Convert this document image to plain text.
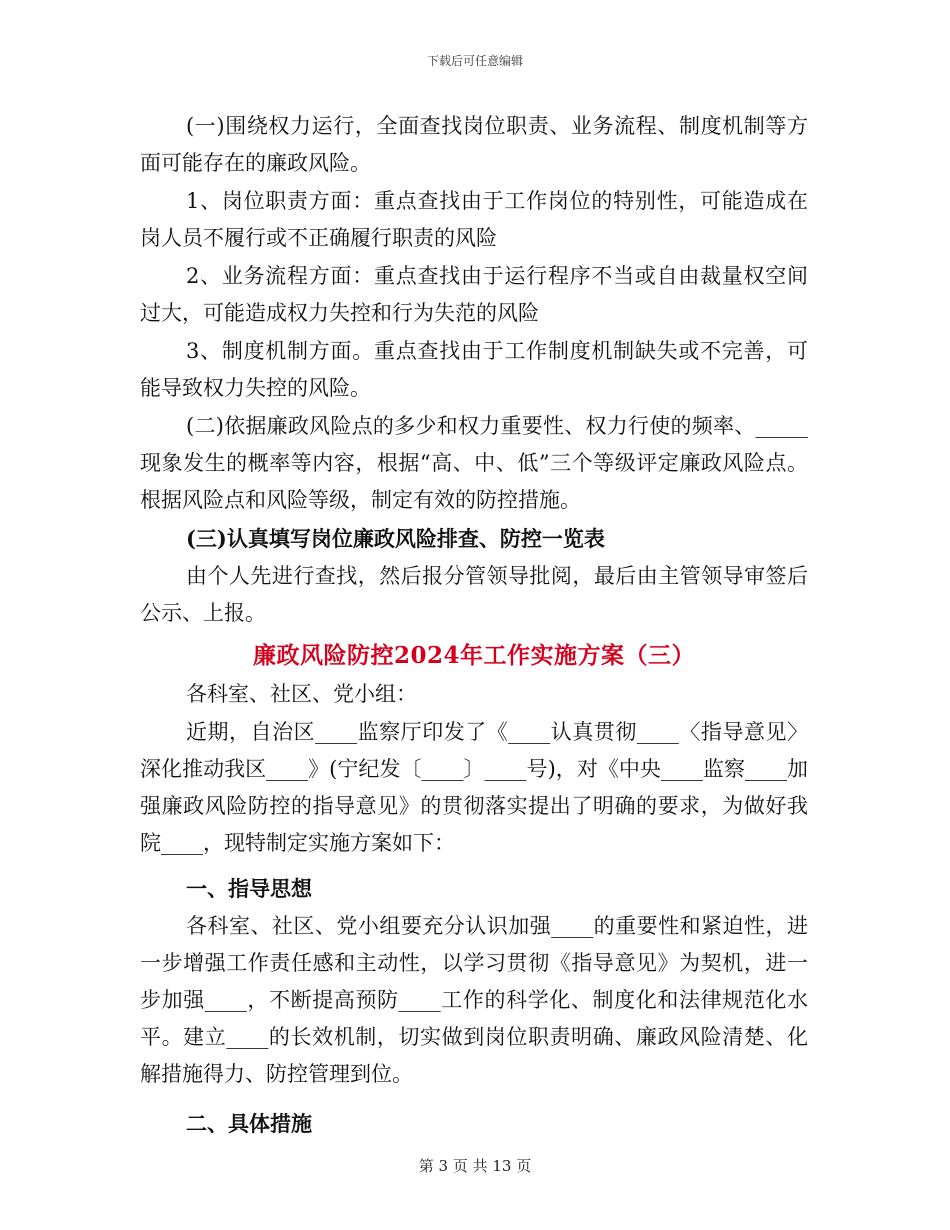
下载后可任意编辑

(一)围绕权力运行，全面查找岗位职责、业务流程、制度机制等方面可能存在的廉政风险。

1、岗位职责方面：重点查找由于工作岗位的特别性，可能造成在岗人员不履行或不正确履行职责的风险

2、业务流程方面：重点查找由于运行程序不当或自由裁量权空间过大，可能造成权力失控和行为失范的风险

3、制度机制方面。重点查找由于工作制度机制缺失或不完善，可能导致权力失控的风险。

(二)依据廉政风险点的多少和权力重要性、权力行使的频率、_____现象发生的概率等内容，根据“高、中、低”三个等级评定廉政风险点。根据风险点和风险等级，制定有效的防控措施。

(三)认真填写岗位廉政风险排查、防控一览表

由个人先进行查找，然后报分管领导批阅，最后由主管领导审签后公示、上报。

廉政风险防控2024年工作实施方案（三）

各科室、社区、党小组：

近期，自治区____监察厅印发了《____认真贯彻____〈指导意见〉深化推动我区____》(宁纪发〔____〕____号)，对《中央____监察____加强廉政风险防控的指导意见》的贯彻落实提出了明确的要求，为做好我院____，现特制定实施方案如下：

一、指导思想

各科室、社区、党小组要充分认识加强____的重要性和紧迫性，进一步增强工作责任感和主动性，以学习贯彻《指导意见》为契机，进一步加强____，不断提高预防____工作的科学化、制度化和法律规范化水平。建立____的长效机制，切实做到岗位职责明确、廉政风险清楚、化解措施得力、防控管理到位。

二、具体措施

第 3 页 共 13 页
